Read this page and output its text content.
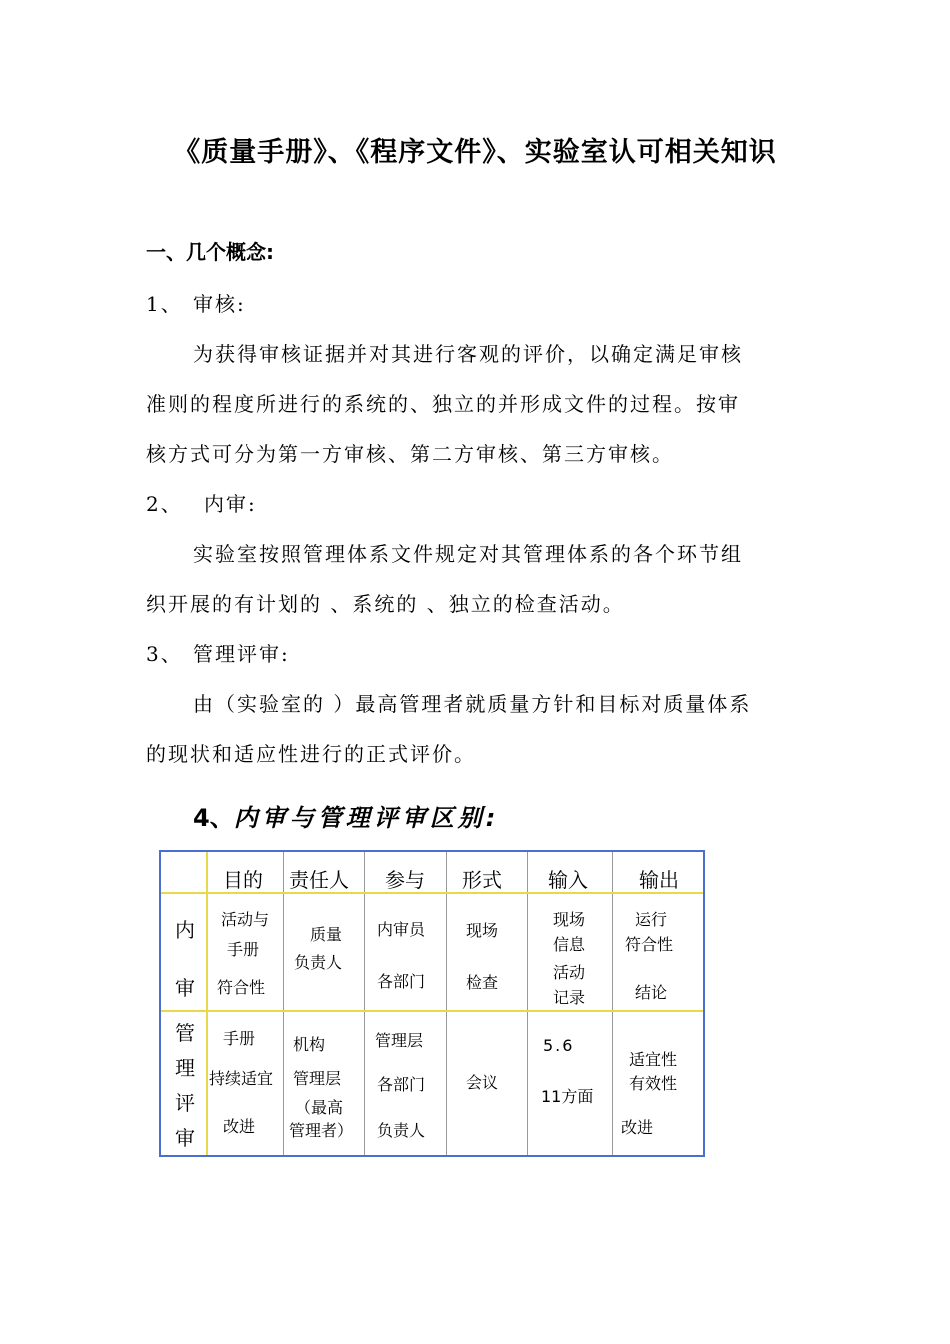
《质量手册》、《程序文件》、实验室认可相关知识
一、几个概念:
1、 审核:
为获得审核证据并对其进行客观的评价，以确定满足审核
准则的程度所进行的系统的、独立的并形成文件的过程。按审
核方式可分为第一方审核、第二方审核、第三方审核。
2、 内审:
实验室按照管理体系文件规定对其管理体系的各个环节组
织开展的有计划的 、系统的 、独立的检查活动。
3、 管理评审:
由（实验室的 ）最高管理者就质量方针和目标对质量体系
的现状和适应性进行的正式评价。
4、内审与管理评审区别:
目的 责任人 参与 形式 输入	输出
内
审
活动与
手册
符合性
质量
负责人
内审员
各部门
现场
检查
现场
信息
活动
记录
运行
符合性
结论
管
理
评
审
手册
持续适宜
改进
机构
管理层
（最高
管理者）
管理层
各部门
负责人
会议
5.6
11方面
适宜性
有效性
改进
